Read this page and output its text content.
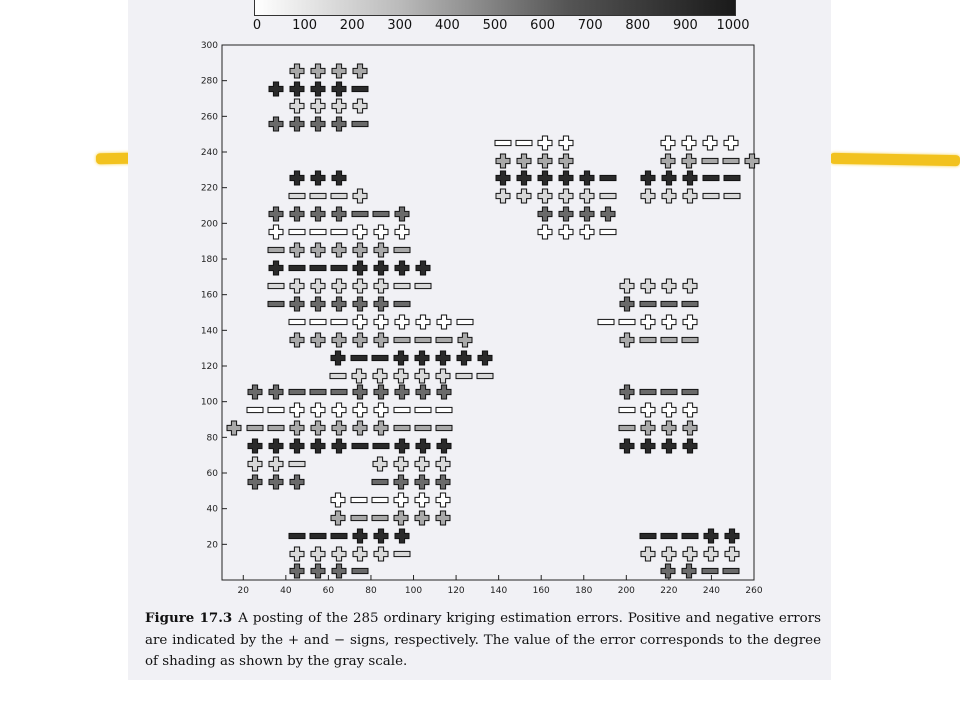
0 100 200 300 400 500 600 700 800 900 1000
20
40
60
80
100
120
140
160
180
200
220
240
260
280
300
20	40	60	80	100	120	140	160	180	200	220	240	260
Figure 17.3 A posting of the 285 ordinary kriging estimation errors. Positive and negative errors are indicated by the + and − signs, respectively. The value of the error corresponds to the degree of shading as shown by the gray scale.
